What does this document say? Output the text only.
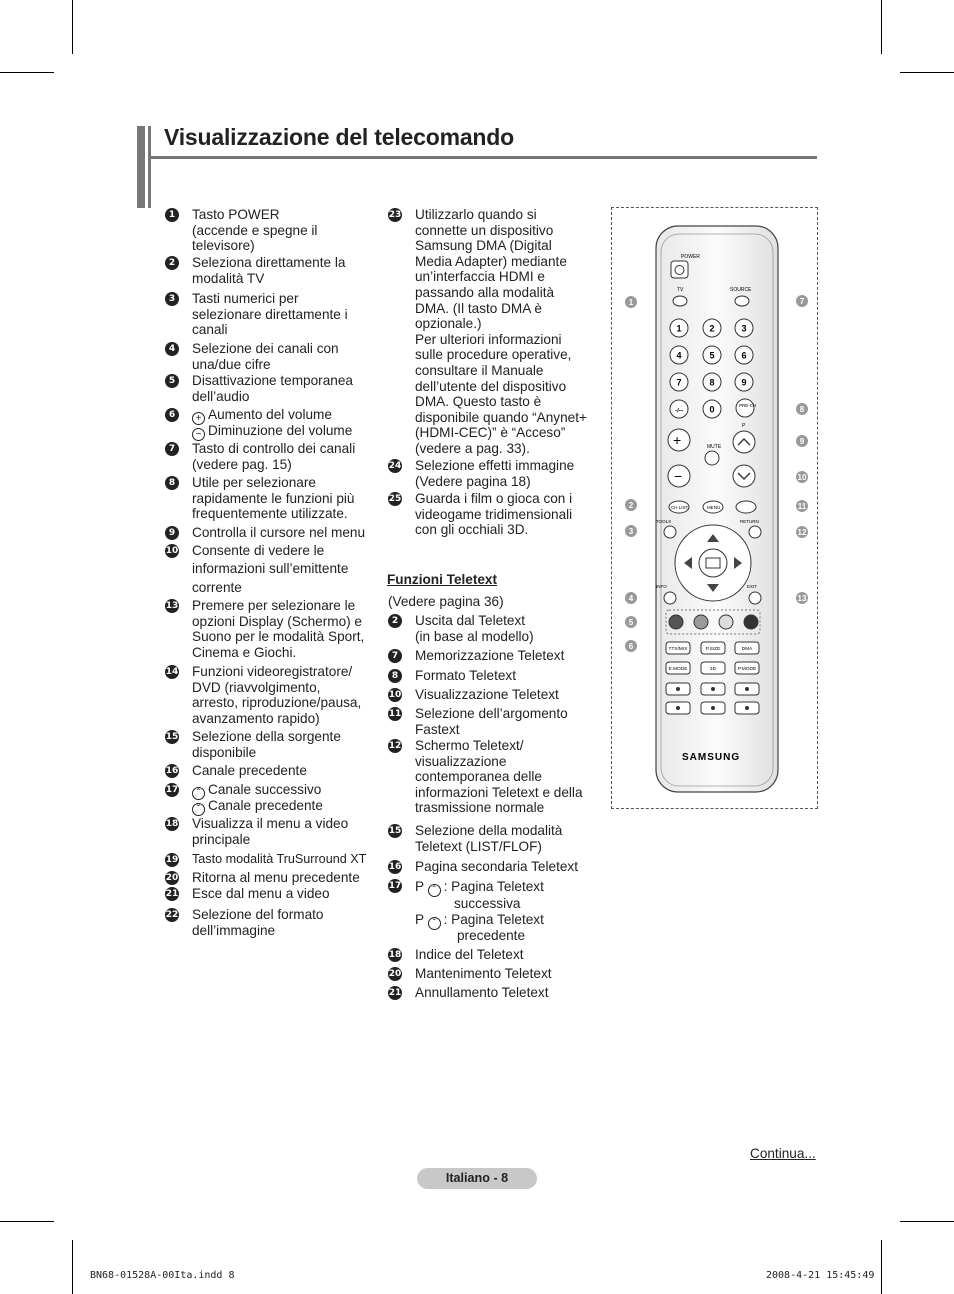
Visualizzazione del telecomando
1 Tasto POWER
(accende e spegne il
televisore)
2 Seleziona direttamente la
modalità TV
3 Tasti numerici per
selezionare direttamente i
canali
4 Selezione dei canali con
una/due cifre
5 Disattivazione temporanea
dell’audio
6
7 Tasto di controllo dei canali
(vedere pag. 15)
8 Utile per selezionare
rapidamente le funzioni più
frequentemente utilizzate.
9 Controlla il cursore nel menu
10 Consente di vedere le
informazioni sull’emittente
corrente
13 Premere per selezionare le
opzioni Display (Schermo) e
Suono per le modalità Sport,
Cinema e Giochi.
14 Funzioni videoregistratore/
DVD (riavvolgimento,
arresto, riproduzione/pausa,
avanzamento rapido)
15 Selezione della sorgente
disponibile
16 Canale precedente
17
18 Visualizza il menu a video
principale
20 Ritorna al menu precedente
21 Esce dal menu a video
22 Selezione del formato
dell’immagine
+ Aumento del volume
− Diminuzione del volume
ˆ Canale successivo
ˇ Canale precedente
19 Tasto modalità TruSurround XT
23 Utilizzarlo quando si
connette un dispositivo
Samsung DMA (Digital
Media Adapter) mediante
un’interfaccia HDMI e
passando alla modalità
DMA. (Il tasto DMA è
opzionale.)
Per ulteriori informazioni
sulle procedure operative,
consultare il Manuale
dell’utente del dispositivo
DMA. Questo tasto è
disponibile quando “Anynet+
(HDMI-CEC)” è “Acceso”
(vedere a pag. 33).
24 Selezione effetti immagine
(Vedere pagina 18)
25 Guarda i film o gioca con i
videogame tridimensionali
con gli occhiali 3D.
2 Uscita dal Teletext
(in base al modello)
7 Memorizzazione Teletext
8 Formato Teletext
10 Visualizzazione Teletext
11 Selezione dell’argomento
Fastext
12 Schermo Teletext/
visualizzazione
contemporanea delle
informazioni Teletext e della
trasmissione normale
15 Selezione della modalità
Teletext (LIST/FLOF)
16 Pagina secondaria Teletext
17
18 Indice del Teletext
20 Mantenimento Teletext
21 Annullamento Teletext
P ˆ : Pagina Teletext
successiva
P ˇ : Pagina Teletext
precedente
Funzioni Teletext
(Vedere pagina 36)
POWER
TV	SOURCE
1	2	3
4	5	6
7	8	9
-/--	0
+
−
MUTE
PRE-CH
P
CH LIST	MENU
TOOLS	RETURN
INFO	EXIT
TTX/MIX	P.SIZE	DMA
E.MODE	3D	P.MODE
SAMSUNG
1
2
3
4
5
6
7
8
9
10
11
12
13
Continua...
Italiano - 8
BN68-01528A-00Ita.indd 8	2008-4-21 15:45:49
